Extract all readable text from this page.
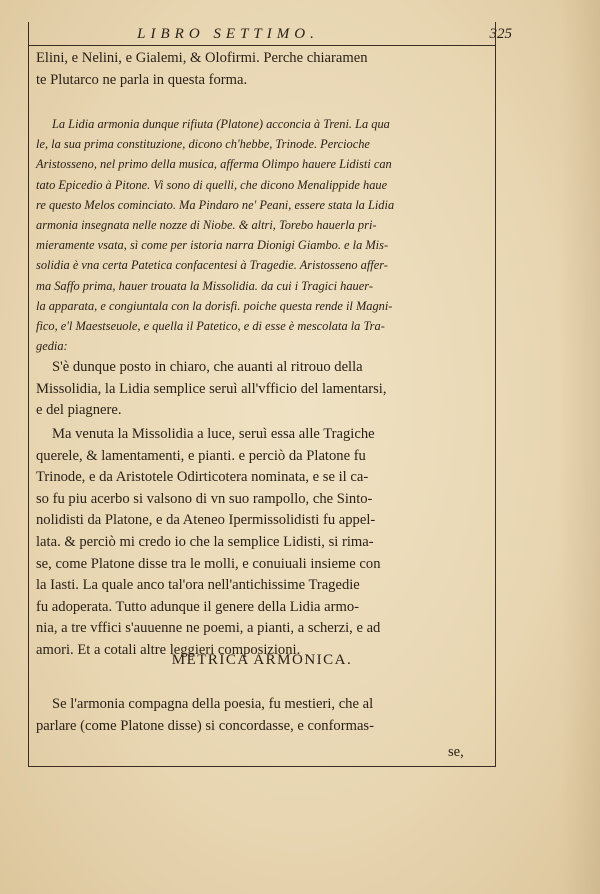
LIBRO SETTIMO.	325
Elini, e Nelini, e Gialemi, & Olofirmi. Perche chiaramen
te Plutarco ne parla in questa forma.
La Lidia armonia dunque rifiuta (Platone) acconcia à Treni. La qua
le, la sua prima constituzione, dicono ch'hebbe, Trinode. Percioche
Aristosseno, nel primo della musica, afferma Olimpo hauere Lidisti can
tato Epicedio à Pitone. Vi sono di quelli, che dicono Menalippide haue
re questo Melos cominciato. Ma Pindaro ne' Peani, essere stata la Lidia
armonia insegnata nelle nozze di Niobe. & altri, Torebo hauerla pri-
mieramente vsata, sì come per istoria narra Dionigi Giambo. e la Mis-
solidia è vna certa Patetica confacentesi à Tragedie. Aristosseno affer-
ma Saffo prima, hauer trouata la Missolidia. da cui i Tragici hauer-
la apparata, e congiuntala con la dorisfi. poiche questa rende il Magni-
fico, e'l Maestseuole, e quella il Patetico, e di esse è mescolata la Tra-
gedia:
S'è dunque posto in chiaro, che auanti al ritrouo della
Missolidia, la Lidia semplice seruì all'vfficio del lamentarsi,
e del piagnere.
Ma venuta la Missolidia a luce, seruì essa alle Tragiche
querele, & lamentamenti, e pianti. e perciò da Platone fu
Trinode, e da Aristotele Odirticotera nominata, e se il ca-
so fu piu acerbo si valsono di vn suo rampollo, che Sinto-
nolidisti da Platone, e da Ateneo Ipermissolidisti fu appel-
lata. & perciò mi credo io che la semplice Lidisti, si rima-
se, come Platone disse tra le molli, e conuiuali insieme con
la Iasti. La quale anco tal'ora nell'antichissime Tragedie
fu adoperata. Tutto adunque il genere della Lidia armo-
nia, a tre vffici s'auuenne ne poemi, a pianti, a scherzi, e ad
amori. Et a cotali altre leggieri composizioni.
METRICA ARMONICA.
Se l'armonia compagna della poesia, fu mestieri, che al
parlare (come Platone disse) si concordasse, e conformas-
se,
